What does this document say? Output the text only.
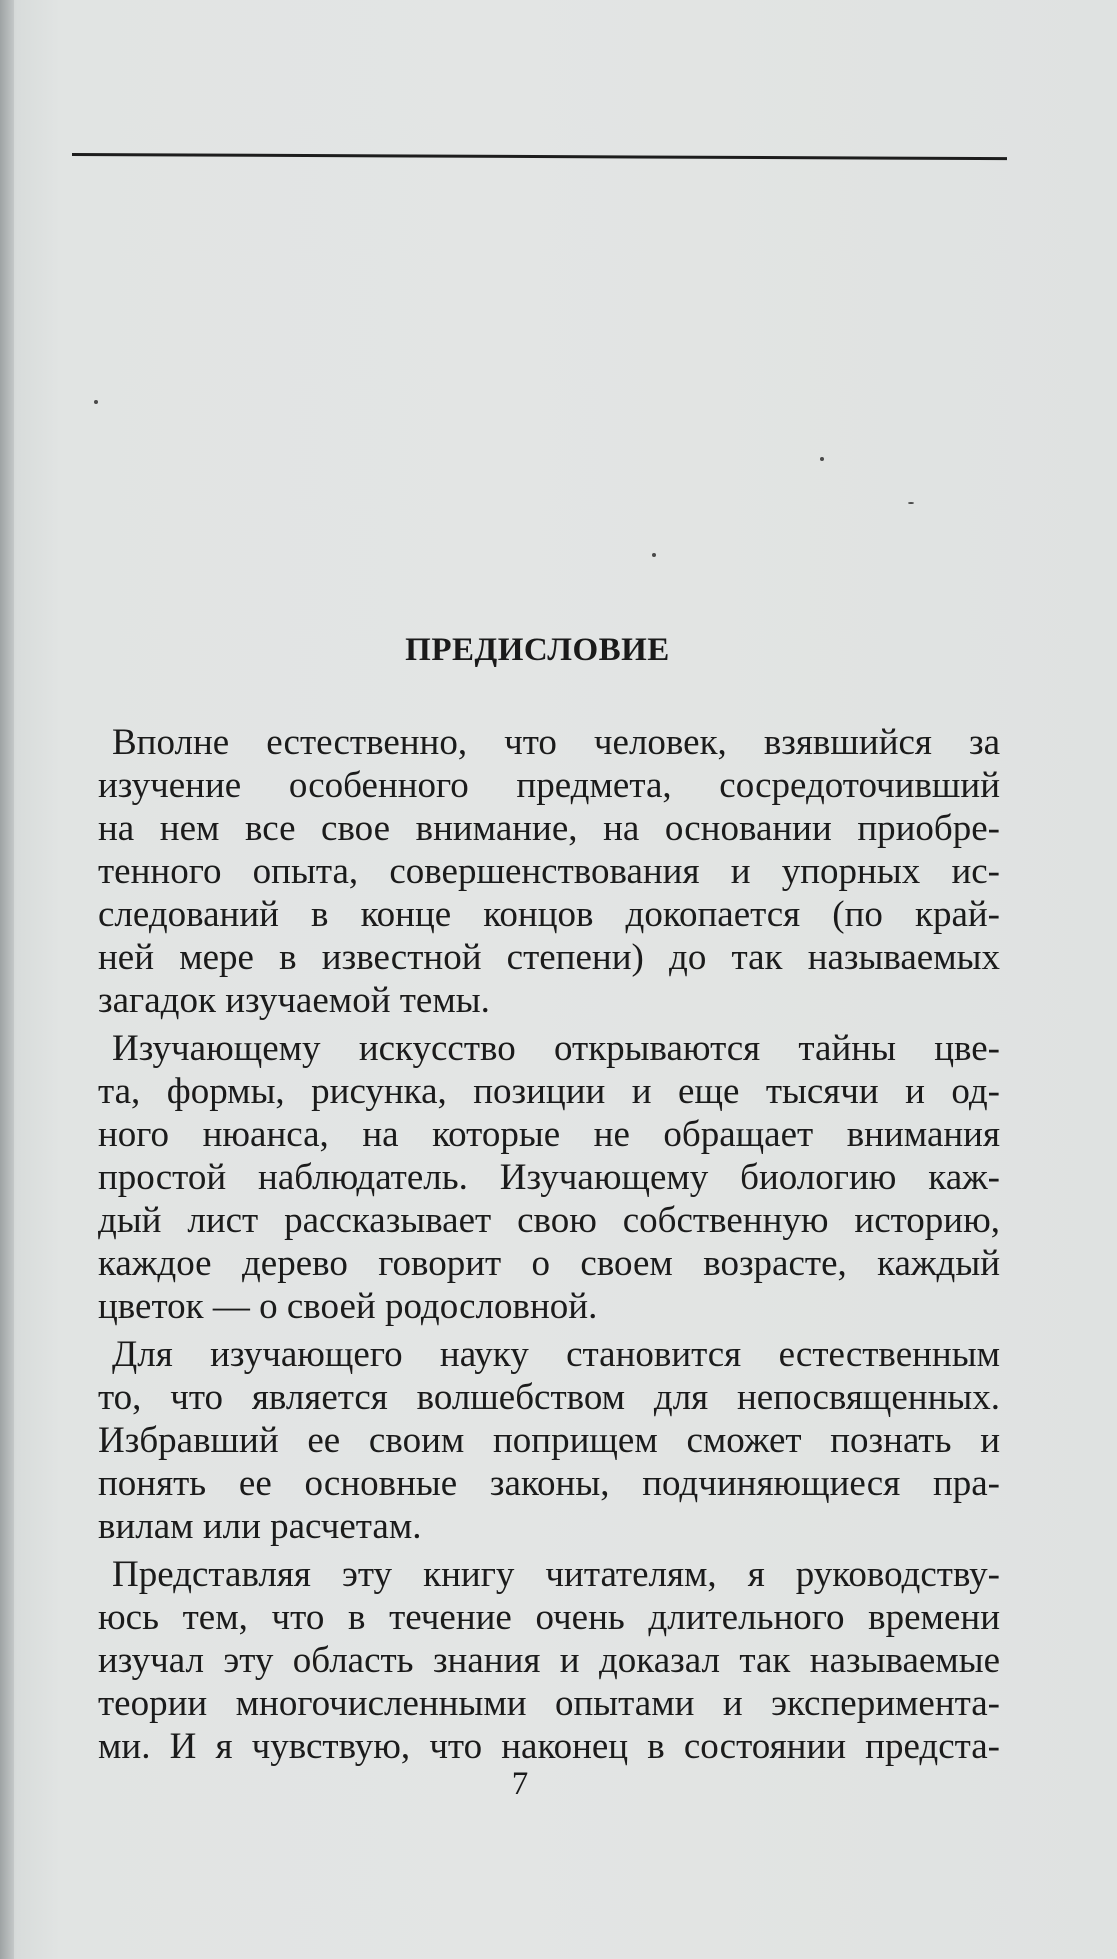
ПРЕДИСЛОВИЕ
Вполне естественно, что человек, взявшийся за
изучение особенного предмета, сосредоточивший
на нем все свое внимание, на основании приобре-
тенного опыта, совершенствования и упорных ис-
следований в конце концов докопается (по край-
ней мере в известной степени) до так называемых
загадок изучаемой темы.
Изучающему искусство открываются тайны цве-
та, формы, рисунка, позиции и еще тысячи и од-
ного нюанса, на которые не обращает внимания
простой наблюдатель. Изучающему биологию каж-
дый лист рассказывает свою собственную историю,
каждое дерево говорит о своем возрасте, каждый
цветок — о своей родословной.
Для изучающего науку становится естественным
то, что является волшебством для непосвященных.
Избравший ее своим поприщем сможет познать и
понять ее основные законы, подчиняющиеся пра-
вилам или расчетам.
Представляя эту книгу читателям, я руководству-
юсь тем, что в течение очень длительного времени
изучал эту область знания и доказал так называемые
теории многочисленными опытами и эксперимента-
ми. И я чувствую, что наконец в состоянии предста-
7
